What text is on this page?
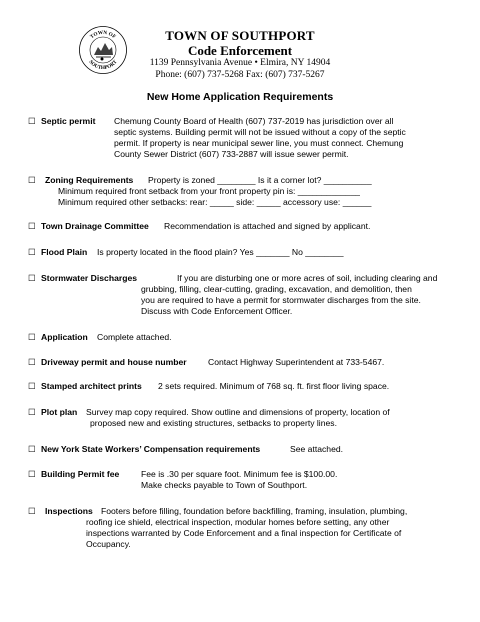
TOWN OF
SOUTHPORT
TOWN OF SOUTHPORT
Code Enforcement
1139 Pennsylvania Avenue • Elmira, NY 14904
Phone: (607) 737-5268 Fax: (607) 737-5267
New Home Application Requirements
☐ Septic permit Chemung County Board of Health (607) 737-2019 has jurisdiction over all
septic systems. Building permit will not be issued without a copy of the septic
permit. If property is near municipal sewer line, you must connect. Chemung
County Sewer District (607) 733-2887 will issue sewer permit.
☐ Zoning Requirements Property is zoned ________ Is it a corner lot? __________
Minimum required front setback from your front property pin is: _____________
Minimum required other setbacks: rear: _____ side: _____ accessory use: ______
☐ Town Drainage Committee Recommendation is attached and signed by applicant.
☐ Flood Plain Is property located in the flood plain? Yes _______ No ________
☐ Stormwater Discharges	If you are disturbing one or more acres of soil, including clearing and
grubbing, filling, clear-cutting, grading, excavation, and demolition, then
you are required to have a permit for stormwater discharges from the site.
Discuss with Code Enforcement Officer.
☐ Application Complete attached.
☐ Driveway permit and house number Contact Highway Superintendent at 733-5467.
☐ Stamped architect prints 2 sets required. Minimum of 768 sq. ft. first floor living space.
☐ Plot plan Survey map copy required. Show outline and dimensions of property, location of
proposed new and existing structures, setbacks to property lines.
☐ New York State Workers’ Compensation requirements	See attached.
☐ Building Permit fee	Fee is .30 per square foot. Minimum fee is $100.00.
Make checks payable to Town of Southport.
☐ Inspections Footers before filling, foundation before backfilling, framing, insulation, plumbing,
roofing ice shield, electrical inspection, modular homes before setting, any other
inspections warranted by Code Enforcement and a final inspection for Certificate of
Occupancy.
